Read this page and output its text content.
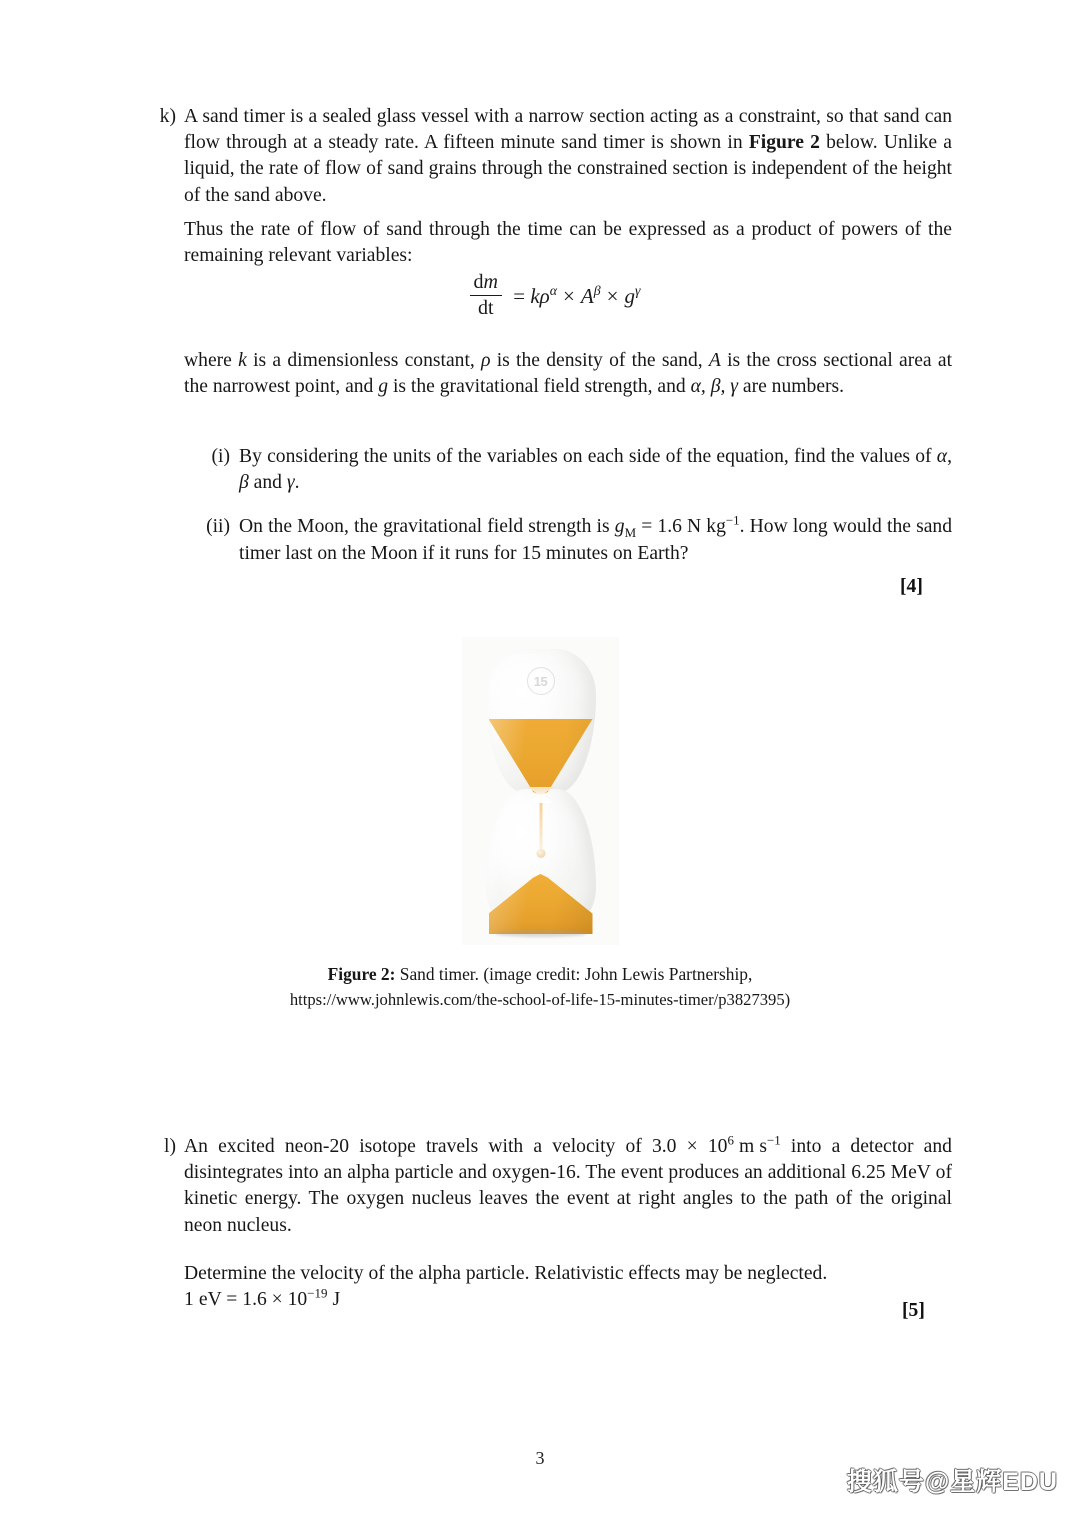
k) A sand timer is a sealed glass vessel with a narrow section acting as a constraint, so that sand can flow through at a steady rate. A fifteen minute sand timer is shown in Figure 2 below. Unlike a liquid, the rate of flow of sand grains through the constrained section is independent of the height of the sand above.
Thus the rate of flow of sand through the time can be expressed as a product of powers of the remaining relevant variables:
$\frac{dm}{dt} = k\rho^\alpha \times A^\beta \times g^\gamma$
where k is a dimensionless constant, ρ is the density of the sand, A is the cross sectional area at the narrowest point, and g is the gravitational field strength, and α, β, γ are numbers.
(i) By considering the units of the variables on each side of the equation, find the values of α, β and γ.
(ii) On the Moon, the gravitational field strength is $g_M = 1.6$  N  $kg^{-1}$. How long would the sand timer last on the Moon if it runs for 15 minutes on Earth?
[4]
15
Figure 2: Sand timer. (image credit: John Lewis Partnership,
https://www.johnlewis.com/the-school-of-life-15-minutes-timer/p3827395)
l) An excited neon-20 isotope travels with a velocity of $3.0 \times 10^6$  m  $s^{-1}$ into a detector and disintegrates into an alpha particle and oxygen-16. The event produces an additional 6.25  MeV of kinetic energy. The oxygen nucleus leaves the event at right angles to the path of the original neon nucleus.
Determine the velocity of the alpha particle. Relativistic effects may be neglected.
1  eV = $1.6 \times 10^{-19}$  J
[5]
3
搜狐号@星辉EDU
